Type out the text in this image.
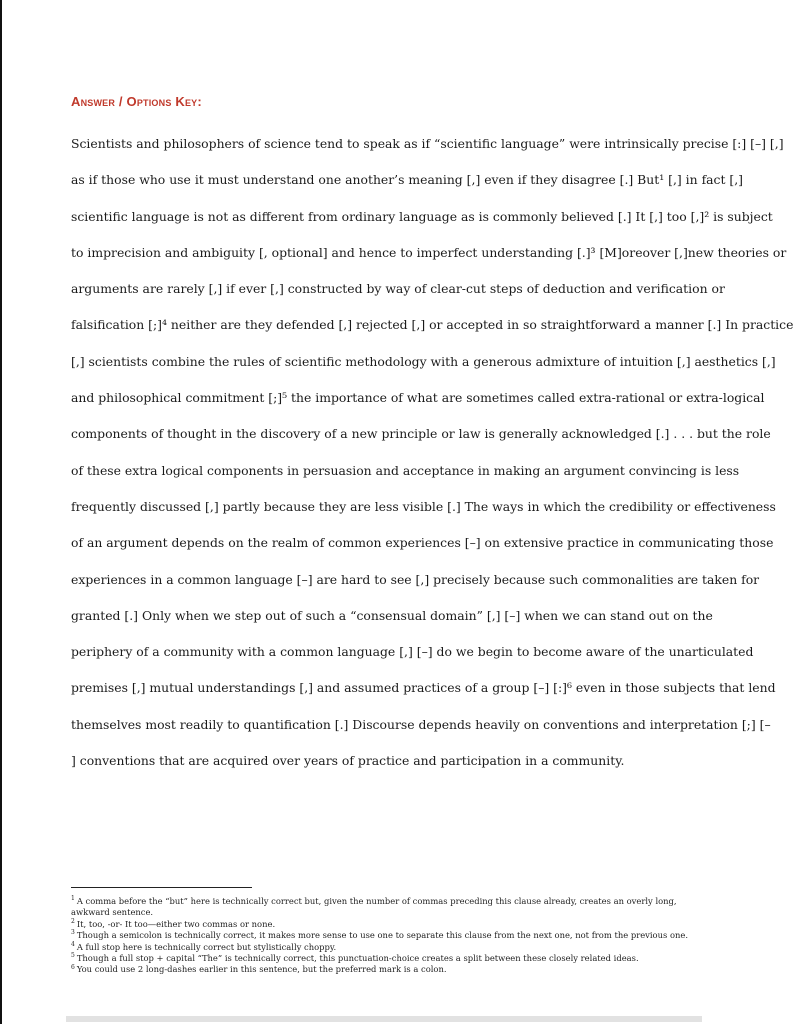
Answer / Options Key:
Scientists and philosophers of science tend to speak as if “scientific language” were intrinsically precise [:] [–] [,]
as if those who use it must understand one another’s meaning [,] even if they disagree [.] But¹ [,] in fact [,]
scientific language is not as different from ordinary language as is commonly believed [.] It [,] too [,]² is subject
to imprecision and ambiguity [, optional] and hence to imperfect understanding [.]³ [M]oreover [,]new theories or
arguments are rarely [,] if ever [,] constructed by way of clear-cut steps of deduction and verification or
falsification [;]⁴ neither are they defended [,] rejected [,] or accepted in so straightforward a manner [.] In practice
[,] scientists combine the rules of scientific methodology with a generous admixture of intuition [,] aesthetics [,]
and philosophical commitment [;]⁵ the importance of what are sometimes called extra-rational or extra-logical
components of thought in the discovery of a new principle or law is generally acknowledged [.] . . . but the role
of these extra logical components in persuasion and acceptance in making an argument convincing is less
frequently discussed [,] partly because they are less visible [.] The ways in which the credibility or effectiveness
of an argument depends on the realm of common experiences [–] on extensive practice in communicating those
experiences in a common language [–] are hard to see [,] precisely because such commonalities are taken for
granted [.] Only when we step out of such a “consensual domain” [,] [–] when we can stand out on the
periphery of a community with a common language [,] [–] do we begin to become aware of the unarticulated
premises [,] mutual understandings [,] and assumed practices of a group [–] [:]⁶ even in those subjects that lend
themselves most readily to quantification [.] Discourse depends heavily on conventions and interpretation [;] [–
] conventions that are acquired over years of practice and participation in a community.
$^1$ A comma before the “but” here is technically correct but, given the number of commas preceding this clause already, creates an overly long, awkward sentence.
$^2$ It, too, -or- It too—either two commas or none.
$^3$ Though a semicolon is technically correct, it makes more sense to use one to separate this clause from the next one, not from the previous one.
$^4$ A full stop here is technically correct but stylistically choppy.
$^5$ Though a full stop + capital “The” is technically correct, this punctuation-choice creates a split between these closely related ideas.
$^6$ You could use 2 long-dashes earlier in this sentence, but the preferred mark is a colon.
